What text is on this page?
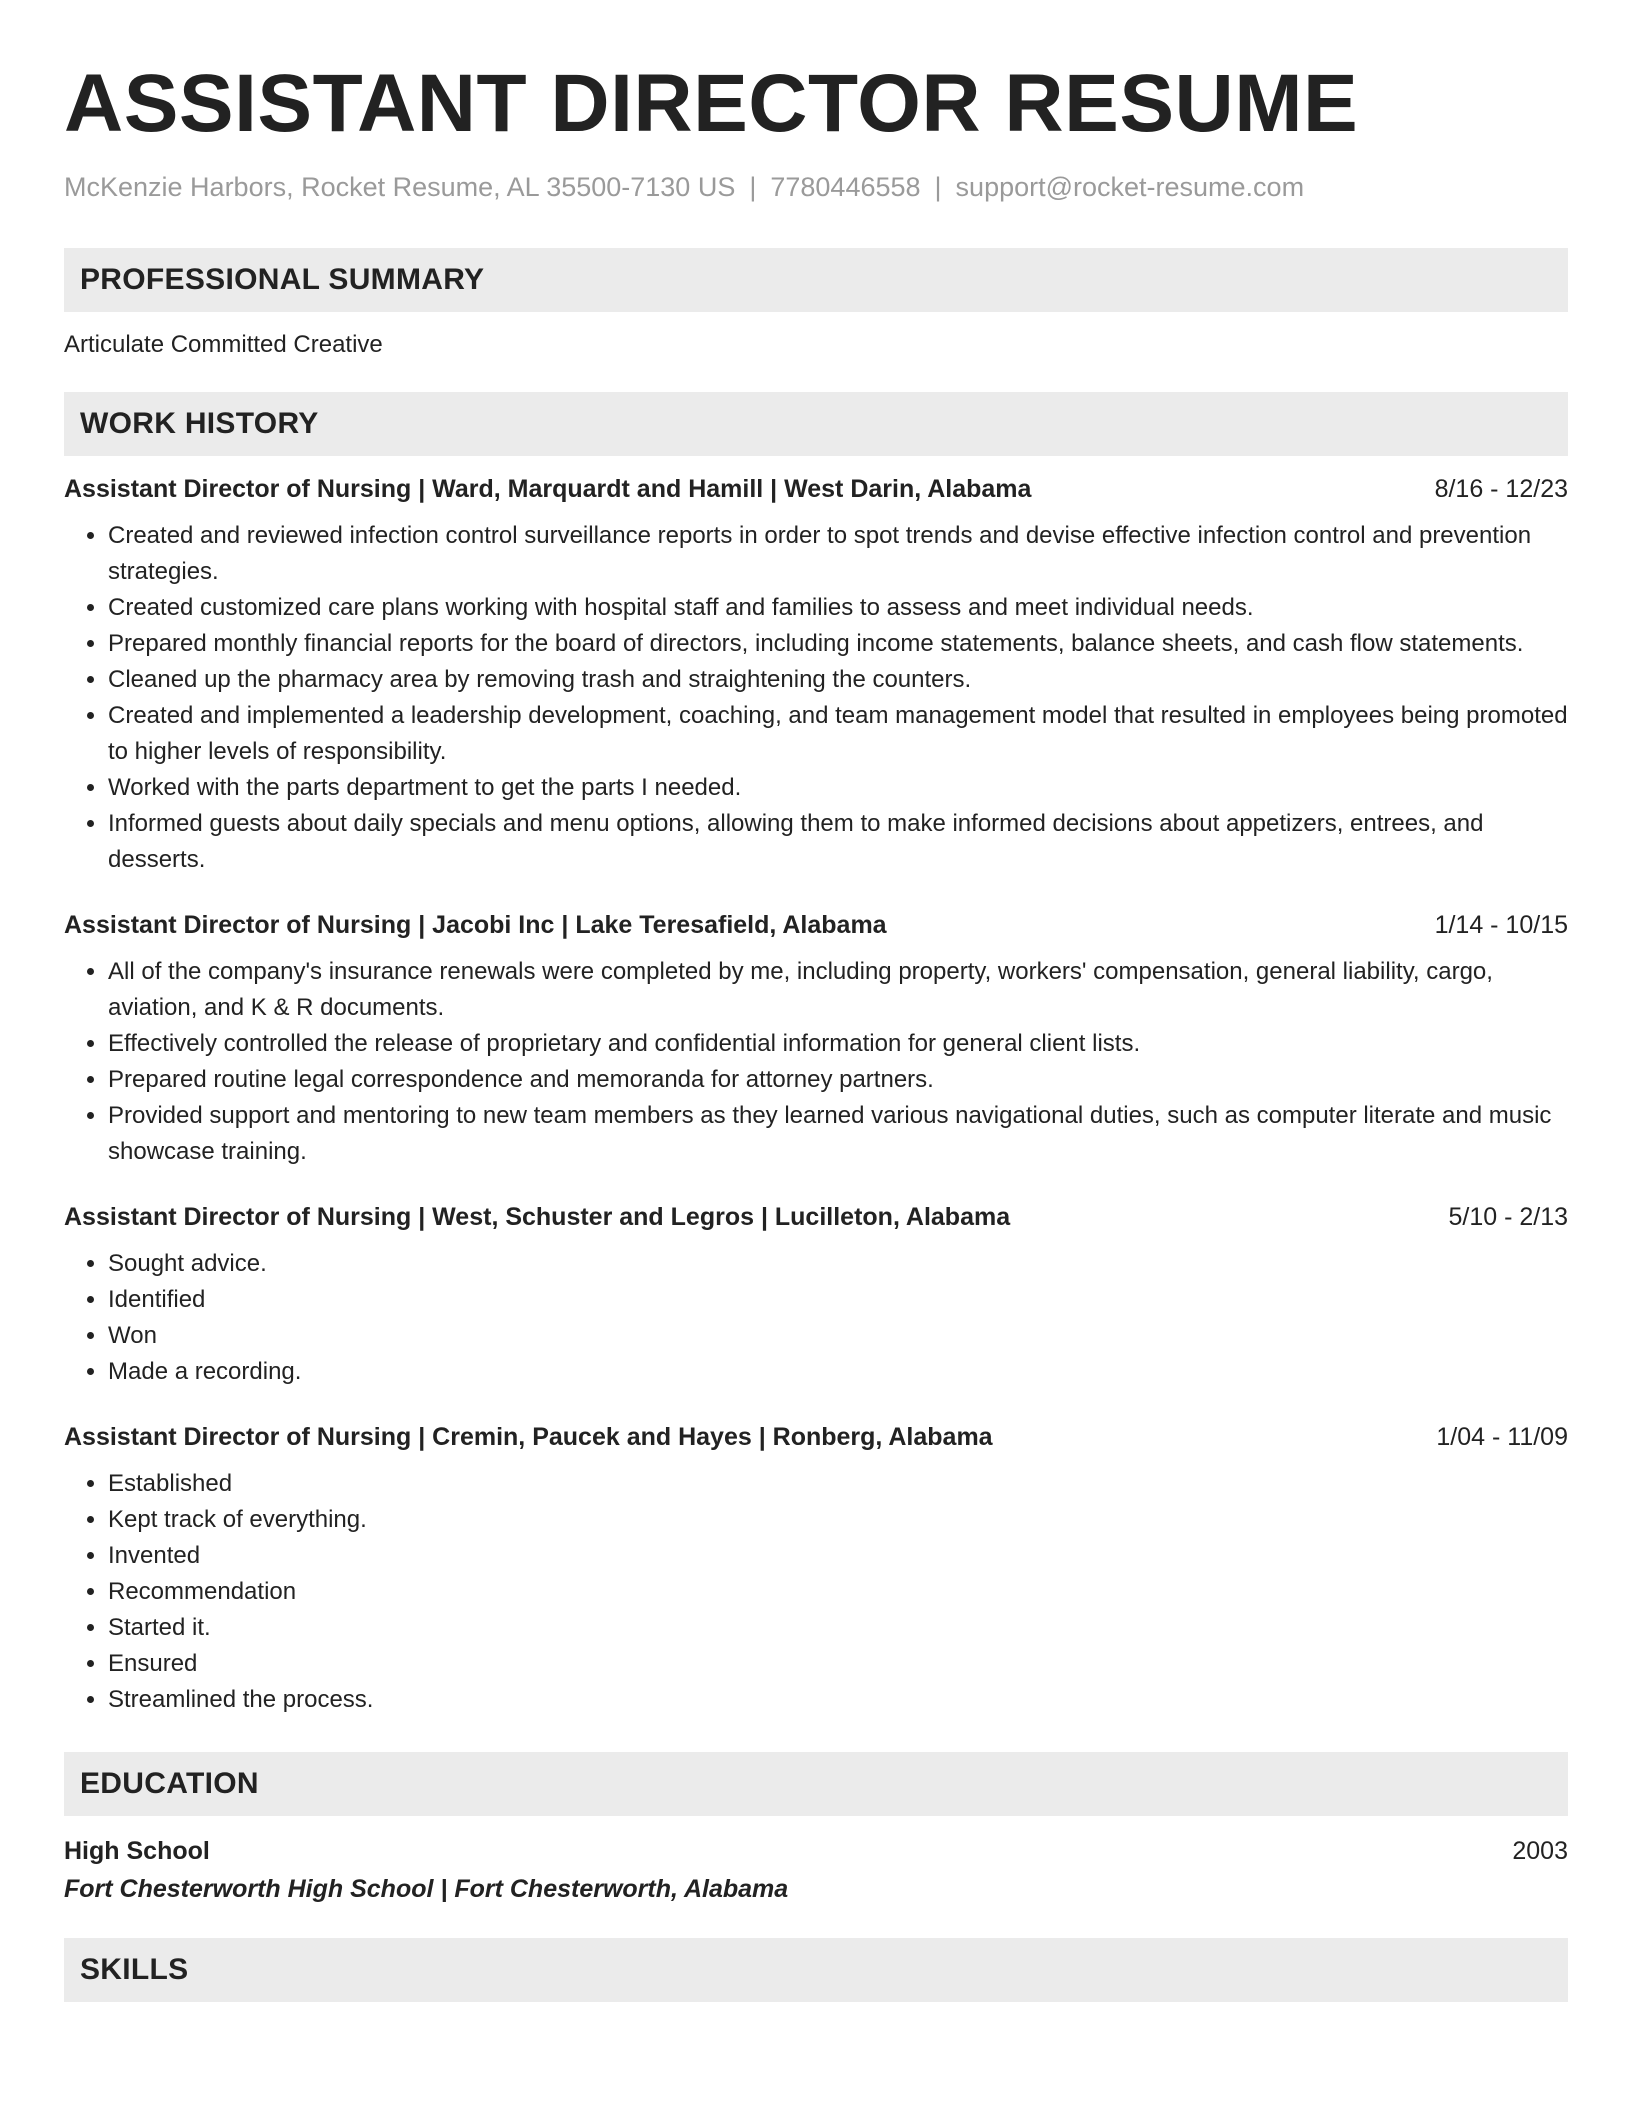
ASSISTANT DIRECTOR RESUME
McKenzie Harbors, Rocket Resume, AL 35500-7130 US | 7780446558 | support@rocket-resume.com
PROFESSIONAL SUMMARY
Articulate Committed Creative
WORK HISTORY
Assistant Director of Nursing | Ward, Marquardt and Hamill | West Darin, Alabama	8/16 - 12/23
• Created and reviewed infection control surveillance reports in order to spot trends and devise effective infection control and prevention strategies.
• Created customized care plans working with hospital staff and families to assess and meet individual needs.
• Prepared monthly financial reports for the board of directors, including income statements, balance sheets, and cash flow statements.
• Cleaned up the pharmacy area by removing trash and straightening the counters.
• Created and implemented a leadership development, coaching, and team management model that resulted in employees being promoted to higher levels of responsibility.
• Worked with the parts department to get the parts I needed.
• Informed guests about daily specials and menu options, allowing them to make informed decisions about appetizers, entrees, and desserts.
Assistant Director of Nursing | Jacobi Inc | Lake Teresafield, Alabama	1/14 - 10/15
• All of the company's insurance renewals were completed by me, including property, workers' compensation, general liability, cargo, aviation, and K & R documents.
• Effectively controlled the release of proprietary and confidential information for general client lists.
• Prepared routine legal correspondence and memoranda for attorney partners.
• Provided support and mentoring to new team members as they learned various navigational duties, such as computer literate and music showcase training.
Assistant Director of Nursing | West, Schuster and Legros | Lucilleton, Alabama	5/10 - 2/13
• Sought advice.
• Identified
• Won
• Made a recording.
Assistant Director of Nursing | Cremin, Paucek and Hayes | Ronberg, Alabama	1/04 - 11/09
• Established
• Kept track of everything.
• Invented
• Recommendation
• Started it.
• Ensured
• Streamlined the process.
EDUCATION
High School	2003
Fort Chesterworth High School | Fort Chesterworth, Alabama
SKILLS
